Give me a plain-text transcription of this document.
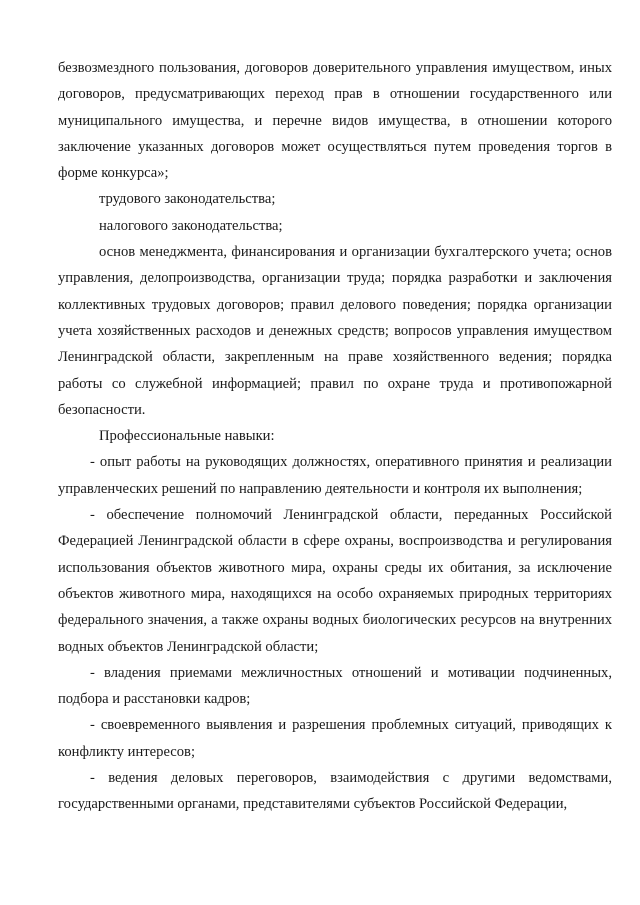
безвозмездного пользования, договоров доверительного управления имуществом, иных договоров, предусматривающих переход прав в отношении государственного или муниципального имущества, и перечне видов имущества, в отношении которого заключение указанных договоров может осуществляться путем проведения торгов в форме конкурса»;

трудового законодательства;

налогового законодательства;

основ менеджмента, финансирования и организации бухгалтерского учета; основ управления, делопроизводства, организации труда; порядка разработки и заключения коллективных трудовых договоров; правил делового поведения; порядка организации учета хозяйственных расходов и денежных средств; вопросов управления имуществом Ленинградской области, закрепленным на праве хозяйственного ведения; порядка работы со служебной информацией; правил по охране труда и противопожарной безопасности.

Профессиональные навыки:

- опыт работы на руководящих должностях, оперативного принятия и реализации управленческих решений по направлению деятельности и контроля их выполнения;

- обеспечение полномочий Ленинградской области, переданных Российской Федерацией Ленинградской области в сфере охраны, воспроизводства и регулирования использования объектов животного мира, охраны среды их обитания, за исключение объектов животного мира, находящихся на особо охраняемых природных территориях федерального значения, а также охраны водных биологических ресурсов на внутренних водных объектов Ленинградской области;

- владения приемами межличностных отношений и мотивации подчиненных, подбора и расстановки кадров;

- своевременного выявления и разрешения проблемных ситуаций, приводящих к конфликту интересов;

- ведения деловых переговоров, взаимодействия с другими ведомствами, государственными органами, представителями субъектов Российской Федерации,
